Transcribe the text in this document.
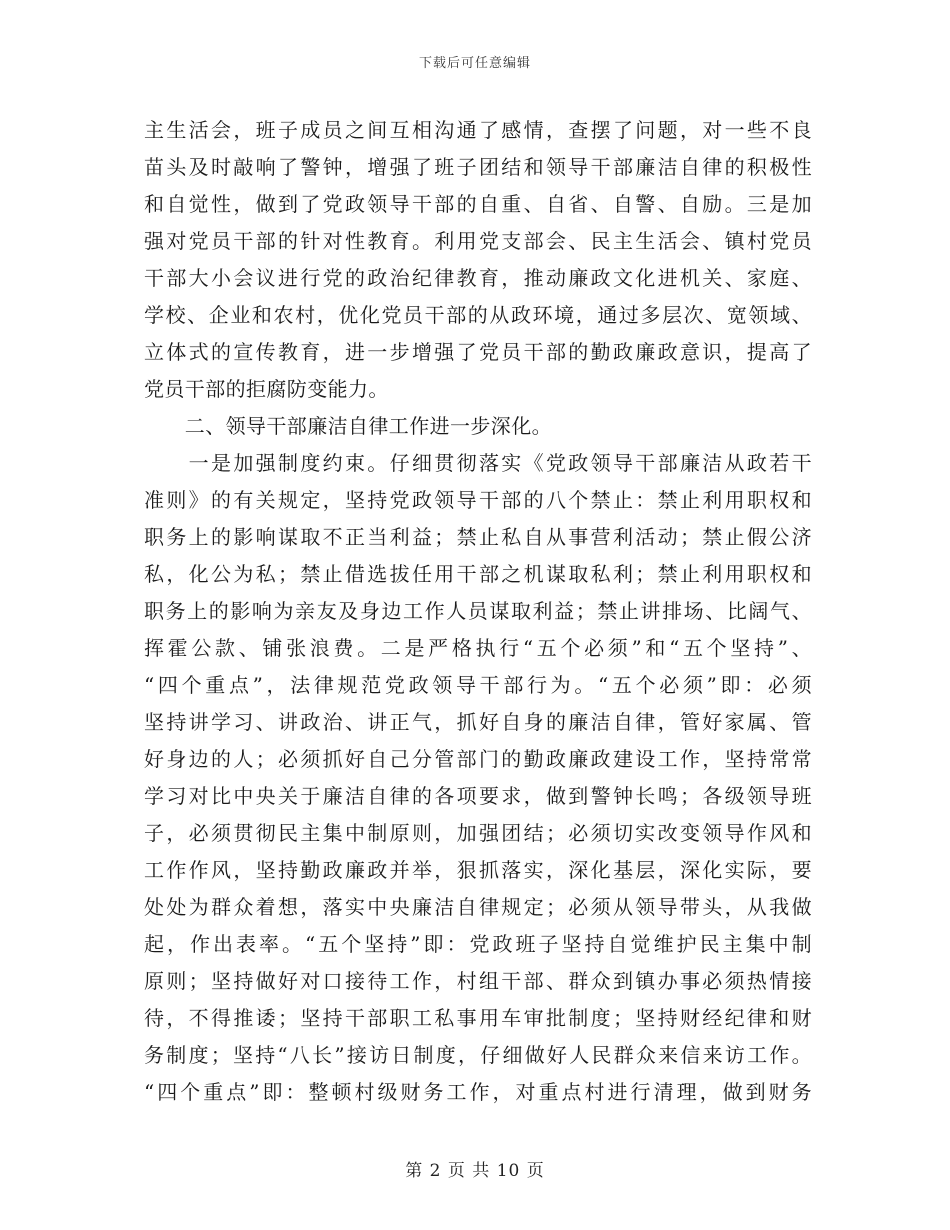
下载后可任意编辑
主生活会，班子成员之间互相沟通了感情，查摆了问题，对一些不良
苗头及时敲响了警钟，增强了班子团结和领导干部廉洁自律的积极性
和自觉性，做到了党政领导干部的自重、自省、自警、自励。三是加
强对党员干部的针对性教育。利用党支部会、民主生活会、镇村党员
干部大小会议进行党的政治纪律教育，推动廉政文化进机关、家庭、
学校、企业和农村，优化党员干部的从政环境，通过多层次、宽领域、
立体式的宣传教育，进一步增强了党员干部的勤政廉政意识，提高了
党员干部的拒腐防变能力。
　　二、领导干部廉洁自律工作进一步深化。
　　一是加强制度约束。仔细贯彻落实《党政领导干部廉洁从政若干
准则》的有关规定，坚持党政领导干部的八个禁止：禁止利用职权和
职务上的影响谋取不正当利益；禁止私自从事营利活动；禁止假公济
私，化公为私；禁止借选拔任用干部之机谋取私利；禁止利用职权和
职务上的影响为亲友及身边工作人员谋取利益；禁止讲排场、比阔气、
挥霍公款、铺张浪费。二是严格执行“五个必须”和“五个坚持”、
“四个重点”，法律规范党政领导干部行为。“五个必须”即：必须
坚持讲学习、讲政治、讲正气，抓好自身的廉洁自律，管好家属、管
好身边的人；必须抓好自己分管部门的勤政廉政建设工作，坚持常常
学习对比中央关于廉洁自律的各项要求，做到警钟长鸣；各级领导班
子，必须贯彻民主集中制原则，加强团结；必须切实改变领导作风和
工作作风，坚持勤政廉政并举，狠抓落实，深化基层，深化实际，要
处处为群众着想，落实中央廉洁自律规定；必须从领导带头，从我做
起，作出表率。“五个坚持”即：党政班子坚持自觉维护民主集中制
原则；坚持做好对口接待工作，村组干部、群众到镇办事必须热情接
待，不得推诿；坚持干部职工私事用车审批制度；坚持财经纪律和财
务制度；坚持“八长”接访日制度，仔细做好人民群众来信来访工作。
“四个重点”即：整顿村级财务工作，对重点村进行清理，做到财务
第 2 页 共 10 页
